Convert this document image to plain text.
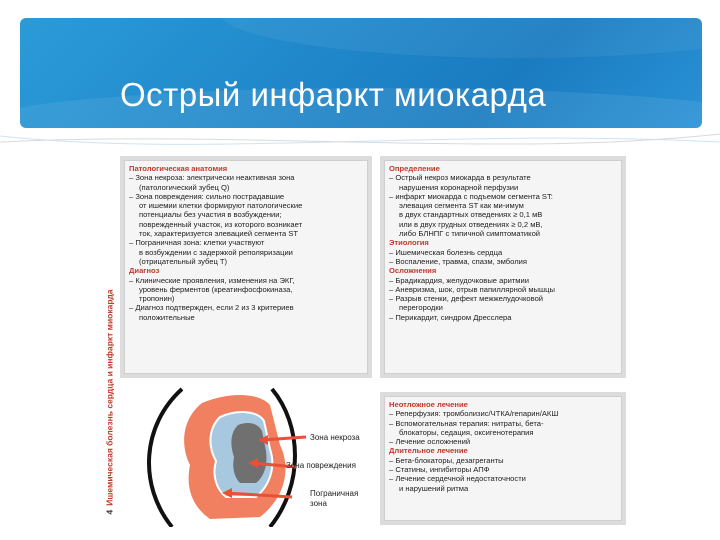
Острый инфаркт миокарда
4Ишемическая болезнь сердца и инфаркт миокарда
Патологическая анатомия
– Зона некроза: электрически неактивная зона
(патологический зубец Q)
– Зона повреждения: сильно пострадавшие
от ишемии клетки формируют патологические
потенциалы без участия в возбуждении;
поврежденный участок, из которого возникает
ток, характеризуется элевацией сегмента ST
– Пограничная зона: клетки участвуют
в возбуждении с задержкой реполяризации
(отрицательный зубец T)
Диагноз
– Клинические проявления, изменения на ЭКГ,
уровень ферментов (креатинфосфокиназа,
тропонин)
– Диагноз подтвержден, если 2 из 3 критериев
положительные
Определение
– Острый некроз миокарда в результате
нарушения коронарной перфузии
– инфаркт миокарда с подъемом сегмента ST:
элевация сегмента ST как ми-имум
в двух стандартных отведениях ≥ 0,1 мВ
или в двух грудных отведениях ≥ 0,2 мВ,
либо БЛНПГ с типичной симптоматикой
Этиология
– Ишемическая болезнь сердца
– Воспаление, травма, спазм, эмболия
Осложнения
– Брадикардия, желудочковые аритмии
– Аневризма, шок, отрыв папиллярной мышцы
– Разрыв стенки, дефект межжелудочковой
перегородки
– Перикардит, синдром Дресслера
Неотложное лечение
– Реперфузия: тромболизис/ЧТКА/гепарин/АКШ
– Вспомогательная терапия: нитраты, бета-
блокаторы, седация, оксигенотерапия
– Лечение осложнений
Длительное лечение
– Бета-блокаторы, дезагреганты
– Статины, ингибиторы АПФ
– Лечение сердечной недостаточности
и нарушений ритма
Зона некроза
Зона повреждения
Пограничная
зона
